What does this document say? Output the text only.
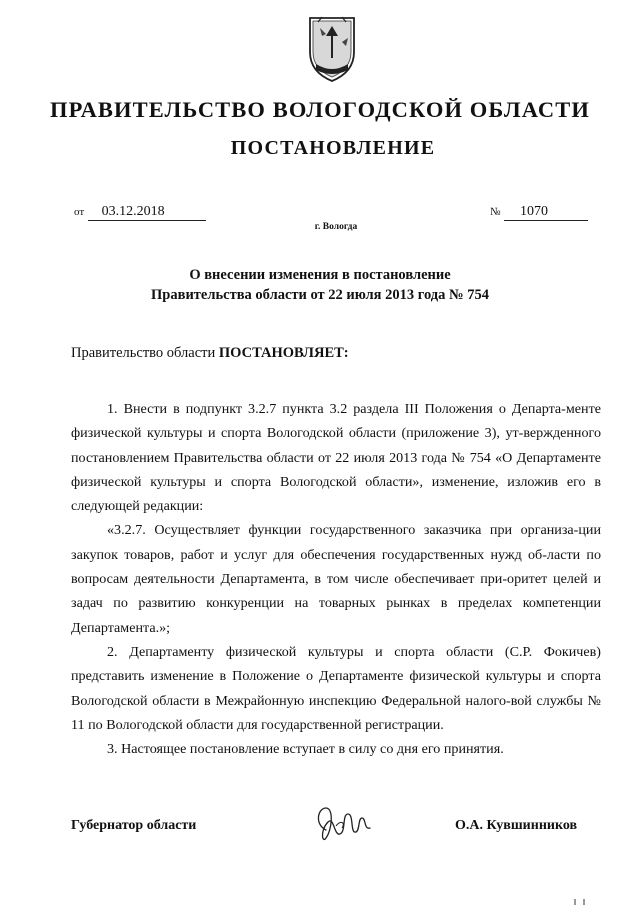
ПРАВИТЕЛЬСТВО ВОЛОГОДСКОЙ ОБЛАСТИ
ПОСТАНОВЛЕНИЕ
от 03.12.2018	№ 1070
г. Вологда
О внесении изменения в постановление
Правительства области от 22 июля 2013 года № 754
Правительство области ПОСТАНОВЛЯЕТ:

1. Внести в подпункт 3.2.7 пункта 3.2 раздела III Положения о Департа-менте физической культуры и спорта Вологодской области (приложение 3), ут-вержденного постановлением Правительства области от 22 июля 2013 года № 754 «О Департаменте физической культуры и спорта Вологодской области», изменение, изложив его в следующей редакции:

«3.2.7. Осуществляет функции государственного заказчика при организа-ции закупок товаров, работ и услуг для обеспечения государственных нужд об-ласти по вопросам деятельности Департамента, в том числе обеспечивает при-оритет целей и задач по развитию конкуренции на товарных рынках в пределах компетенции Департамента.»;

2. Департаменту физической культуры и спорта области (С.Р. Фокичев) представить изменение в Положение о Департаменте физической культуры и спорта Вологодской области в Межрайонную инспекцию Федеральной налого-вой службы № 11 по Вологодской области для государственной регистрации.

3. Настоящее постановление вступает в силу со дня его принятия.

Губернатор области	О.А. Кувшинников
